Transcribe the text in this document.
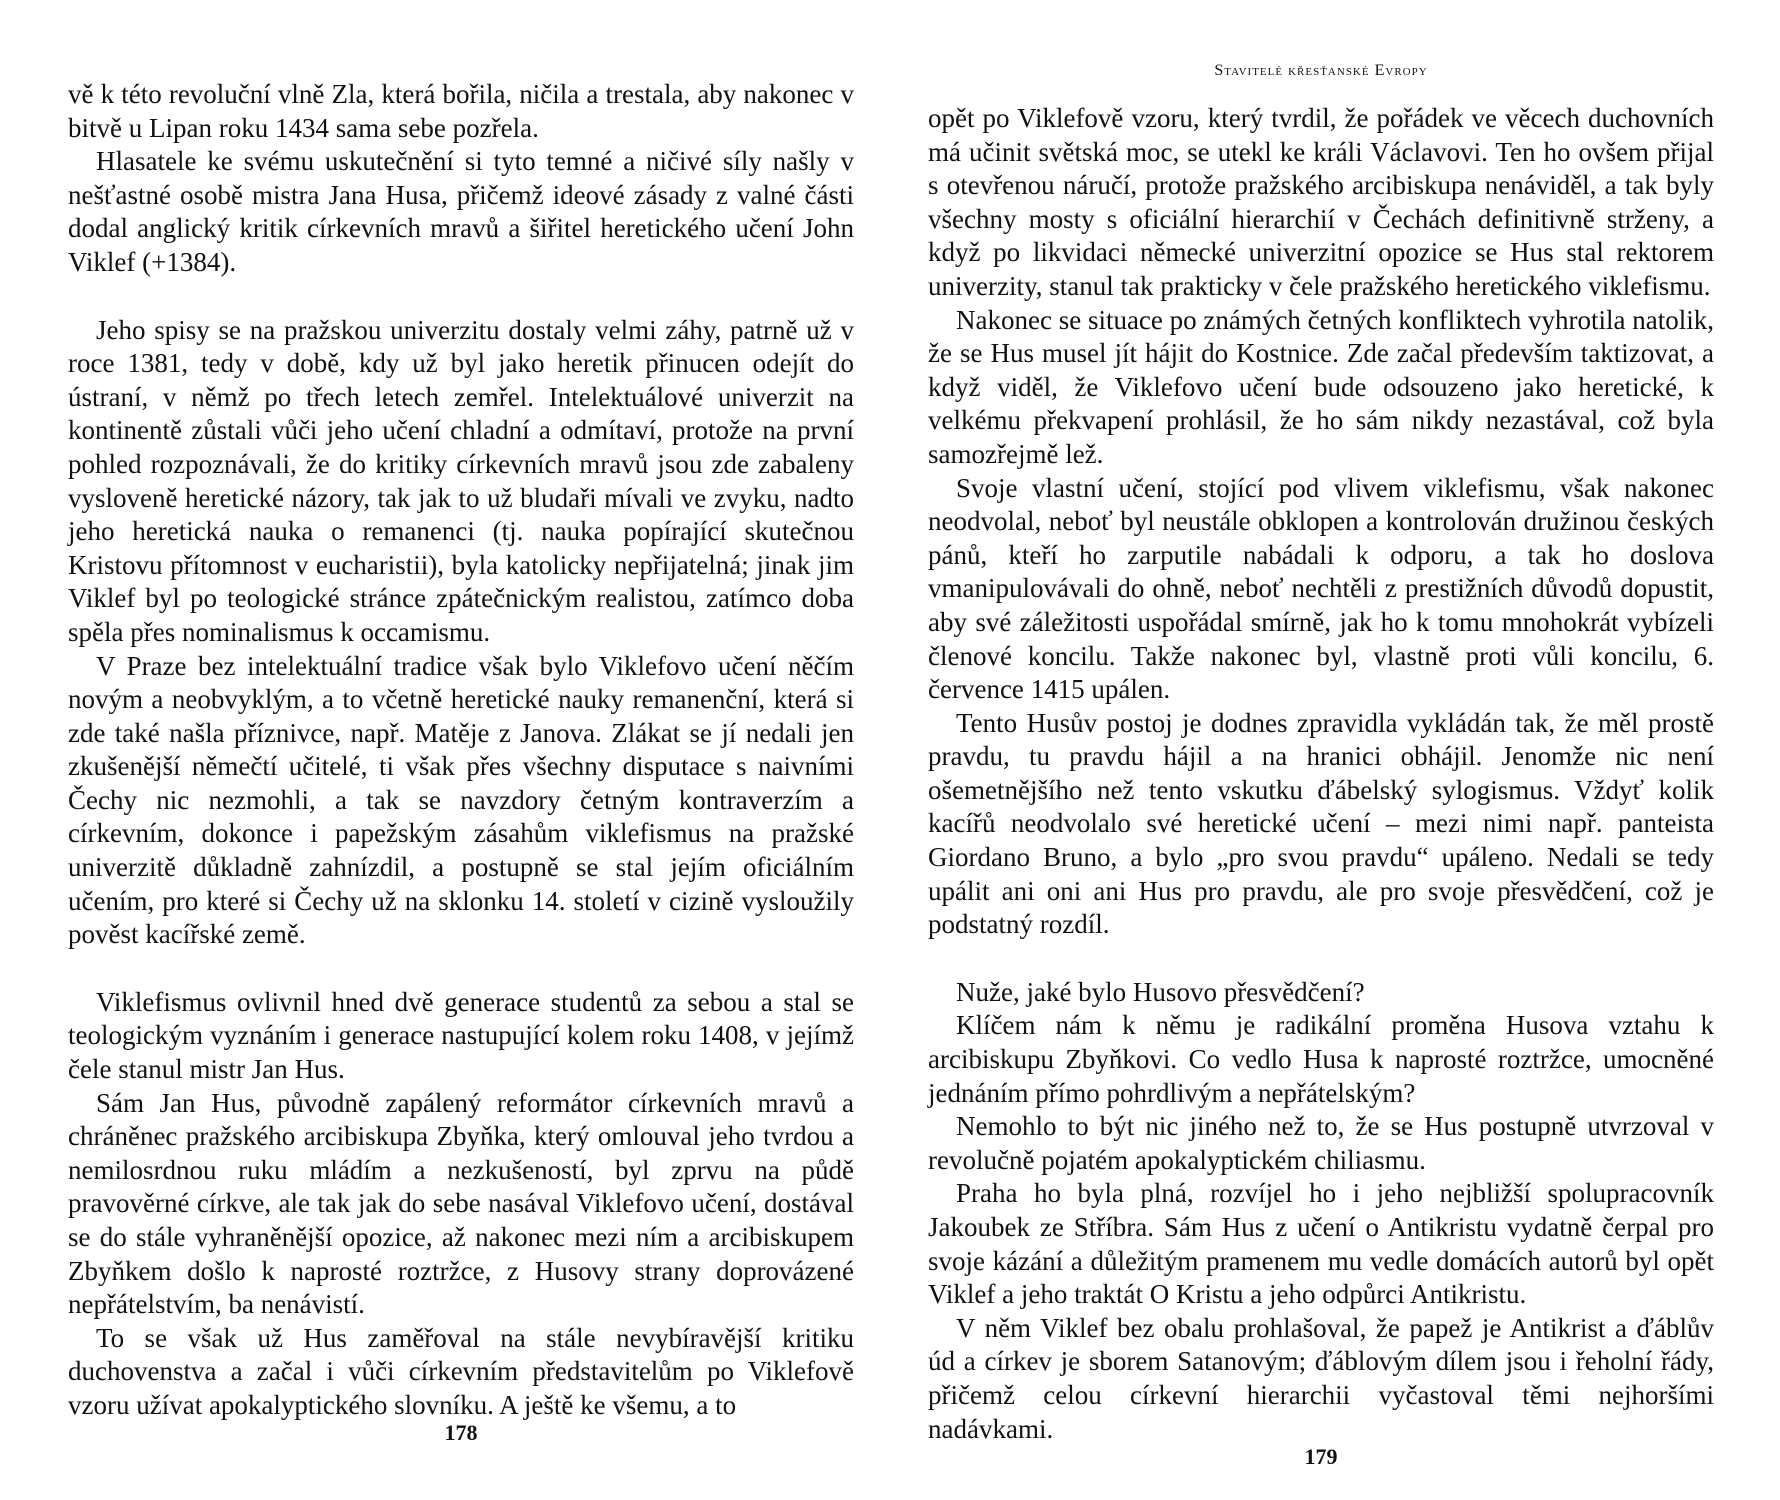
vě k této revoluční vlně Zla, která bořila, ničila a trestala, aby nakonec v bitvě u Lipan roku 1434 sama sebe pozřela.

Hlasatele ke svému uskutečnění si tyto temné a ničivé síly našly v nešťastné osobě mistra Jana Husa, přičemž ideové zásady z valné části dodal anglický kritik církevních mravů a šiřitel heretického učení John Viklef (+1384).

Jeho spisy se na pražskou univerzitu dostaly velmi záhy, patrně už v roce 1381, tedy v době, kdy už byl jako heretik přinucen odejít do ústraní, v němž po třech letech zemřel. Intelektuálové univerzit na kontinentě zůstali vůči jeho učení chladní a odmítaví, protože na první pohled rozpoznávali, že do kritiky církevních mravů jsou zde zabaleny vysloveně heretické názory, tak jak to už bludaři mívali ve zvyku, nadto jeho heretická nauka o remanenci (tj. nauka popírající skutečnou Kristovu přítomnost v eucharistii), byla katolicky nepřijatelná; jinak jim Viklef byl po teologické stránce zpátečnickým realistou, zatímco doba spěla přes nominalismus k occamismu.

V Praze bez intelektuální tradice však bylo Viklefovo učení něčím novým a neobvyklým, a to včetně heretické nauky remanenční, která si zde také našla příznivce, např. Matěje z Janova. Zlákat se jí nedali jen zkušenější němečtí učitelé, ti však přes všechny disputace s naivními Čechy nic nezmohli, a tak se navzdory četným kontraverzím a církevním, dokonce i papežským zásahům viklefismus na pražské univerzitě důkladně zahnízdil, a postupně se stal jejím oficiálním učením, pro které si Čechy už na sklonku 14. století v cizině vysloužily pověst kacířské země.

Viklefismus ovlivnil hned dvě generace studentů za sebou a stal se teologickým vyznáním i generace nastupující kolem roku 1408, v jejímž čele stanul mistr Jan Hus.

Sám Jan Hus, původně zapálený reformátor církevních mravů a chráněnec pražského arcibiskupa Zbyňka, který omlouval jeho tvrdou a nemilosrdnou ruku mládím a nezkušeností, byl zprvu na půdě pravověrné církve, ale tak jak do sebe nasával Viklefovo učení, dostával se do stále vyhraněnější opozice, až nakonec mezi ním a arcibiskupem Zbyňkem došlo k naprosté roztržce, z Husovy strany doprovázené nepřátelstvím, ba nenávistí.

To se však už Hus zaměřoval na stále nevybíravější kritiku duchovenstva a začal i vůči církevním představitelům po Viklefově vzoru užívat apokalyptického slovníku. A ještě ke všemu, a to

178
Stavitelé křesťanské Evropy

opět po Viklefově vzoru, který tvrdil, že pořádek ve věcech duchovních má učinit světská moc, se utekl ke králi Václavovi. Ten ho ovšem přijal s otevřenou náručí, protože pražského arcibiskupa nenáviděl, a tak byly všechny mosty s oficiální hierarchií v Čechách definitivně strženy, a když po likvidaci německé univerzitní opozice se Hus stal rektorem univerzity, stanul tak prakticky v čele pražského heretického viklefismu.

Nakonec se situace po známých četných konfliktech vyhrotila natolik, že se Hus musel jít hájit do Kostnice. Zde začal především taktizovat, a když viděl, že Viklefovo učení bude odsouzeno jako heretické, k velkému překvapení prohlásil, že ho sám nikdy nezastával, což byla samozřejmě lež.

Svoje vlastní učení, stojící pod vlivem viklefismu, však nakonec neodvolal, neboť byl neustále obklopen a kontrolován družinou českých pánů, kteří ho zarputile nabádali k odporu, a tak ho doslova vmanipulovávali do ohně, neboť nechtěli z prestižních důvodů dopustit, aby své záležitosti uspořádal smírně, jak ho k tomu mnohokrát vybízeli členové koncilu. Takže nakonec byl, vlastně proti vůli koncilu, 6. července 1415 upálen.

Tento Husův postoj je dodnes zpravidla vykládán tak, že měl prostě pravdu, tu pravdu hájil a na hranici obhájil. Jenomže nic není ošemetnějšího než tento vskutku ďábelský sylogismus. Vždyť kolik kacířů neodvolalo své heretické učení – mezi nimi např. panteista Giordano Bruno, a bylo „pro svou pravdu“ upáleno. Nedali se tedy upálit ani oni ani Hus pro pravdu, ale pro svoje přesvědčení, což je podstatný rozdíl.

Nuže, jaké bylo Husovo přesvědčení?

Klíčem nám k němu je radikální proměna Husova vztahu k arcibiskupu Zbyňkovi. Co vedlo Husa k naprosté roztržce, umocněné jednáním přímo pohrdlivým a nepřátelským?

Nemohlo to být nic jiného než to, že se Hus postupně utvrzoval v revolučně pojatém apokalyptickém chiliasmu.

Praha ho byla plná, rozvíjel ho i jeho nejbližší spolupracovník Jakoubek ze Stříbra. Sám Hus z učení o Antikristu vydatně čerpal pro svoje kázání a důležitým pramenem mu vedle domácích autorů byl opět Viklef a jeho traktát O Kristu a jeho odpůrci Antikristu.

V něm Viklef bez obalu prohlašoval, že papež je Antikrist a ďáblův úd a církev je sborem Satanovým; ďáblovým dílem jsou i řeholní řády, přičemž celou církevní hierarchii vyčastoval těmi nejhoršími nadávkami.

179
